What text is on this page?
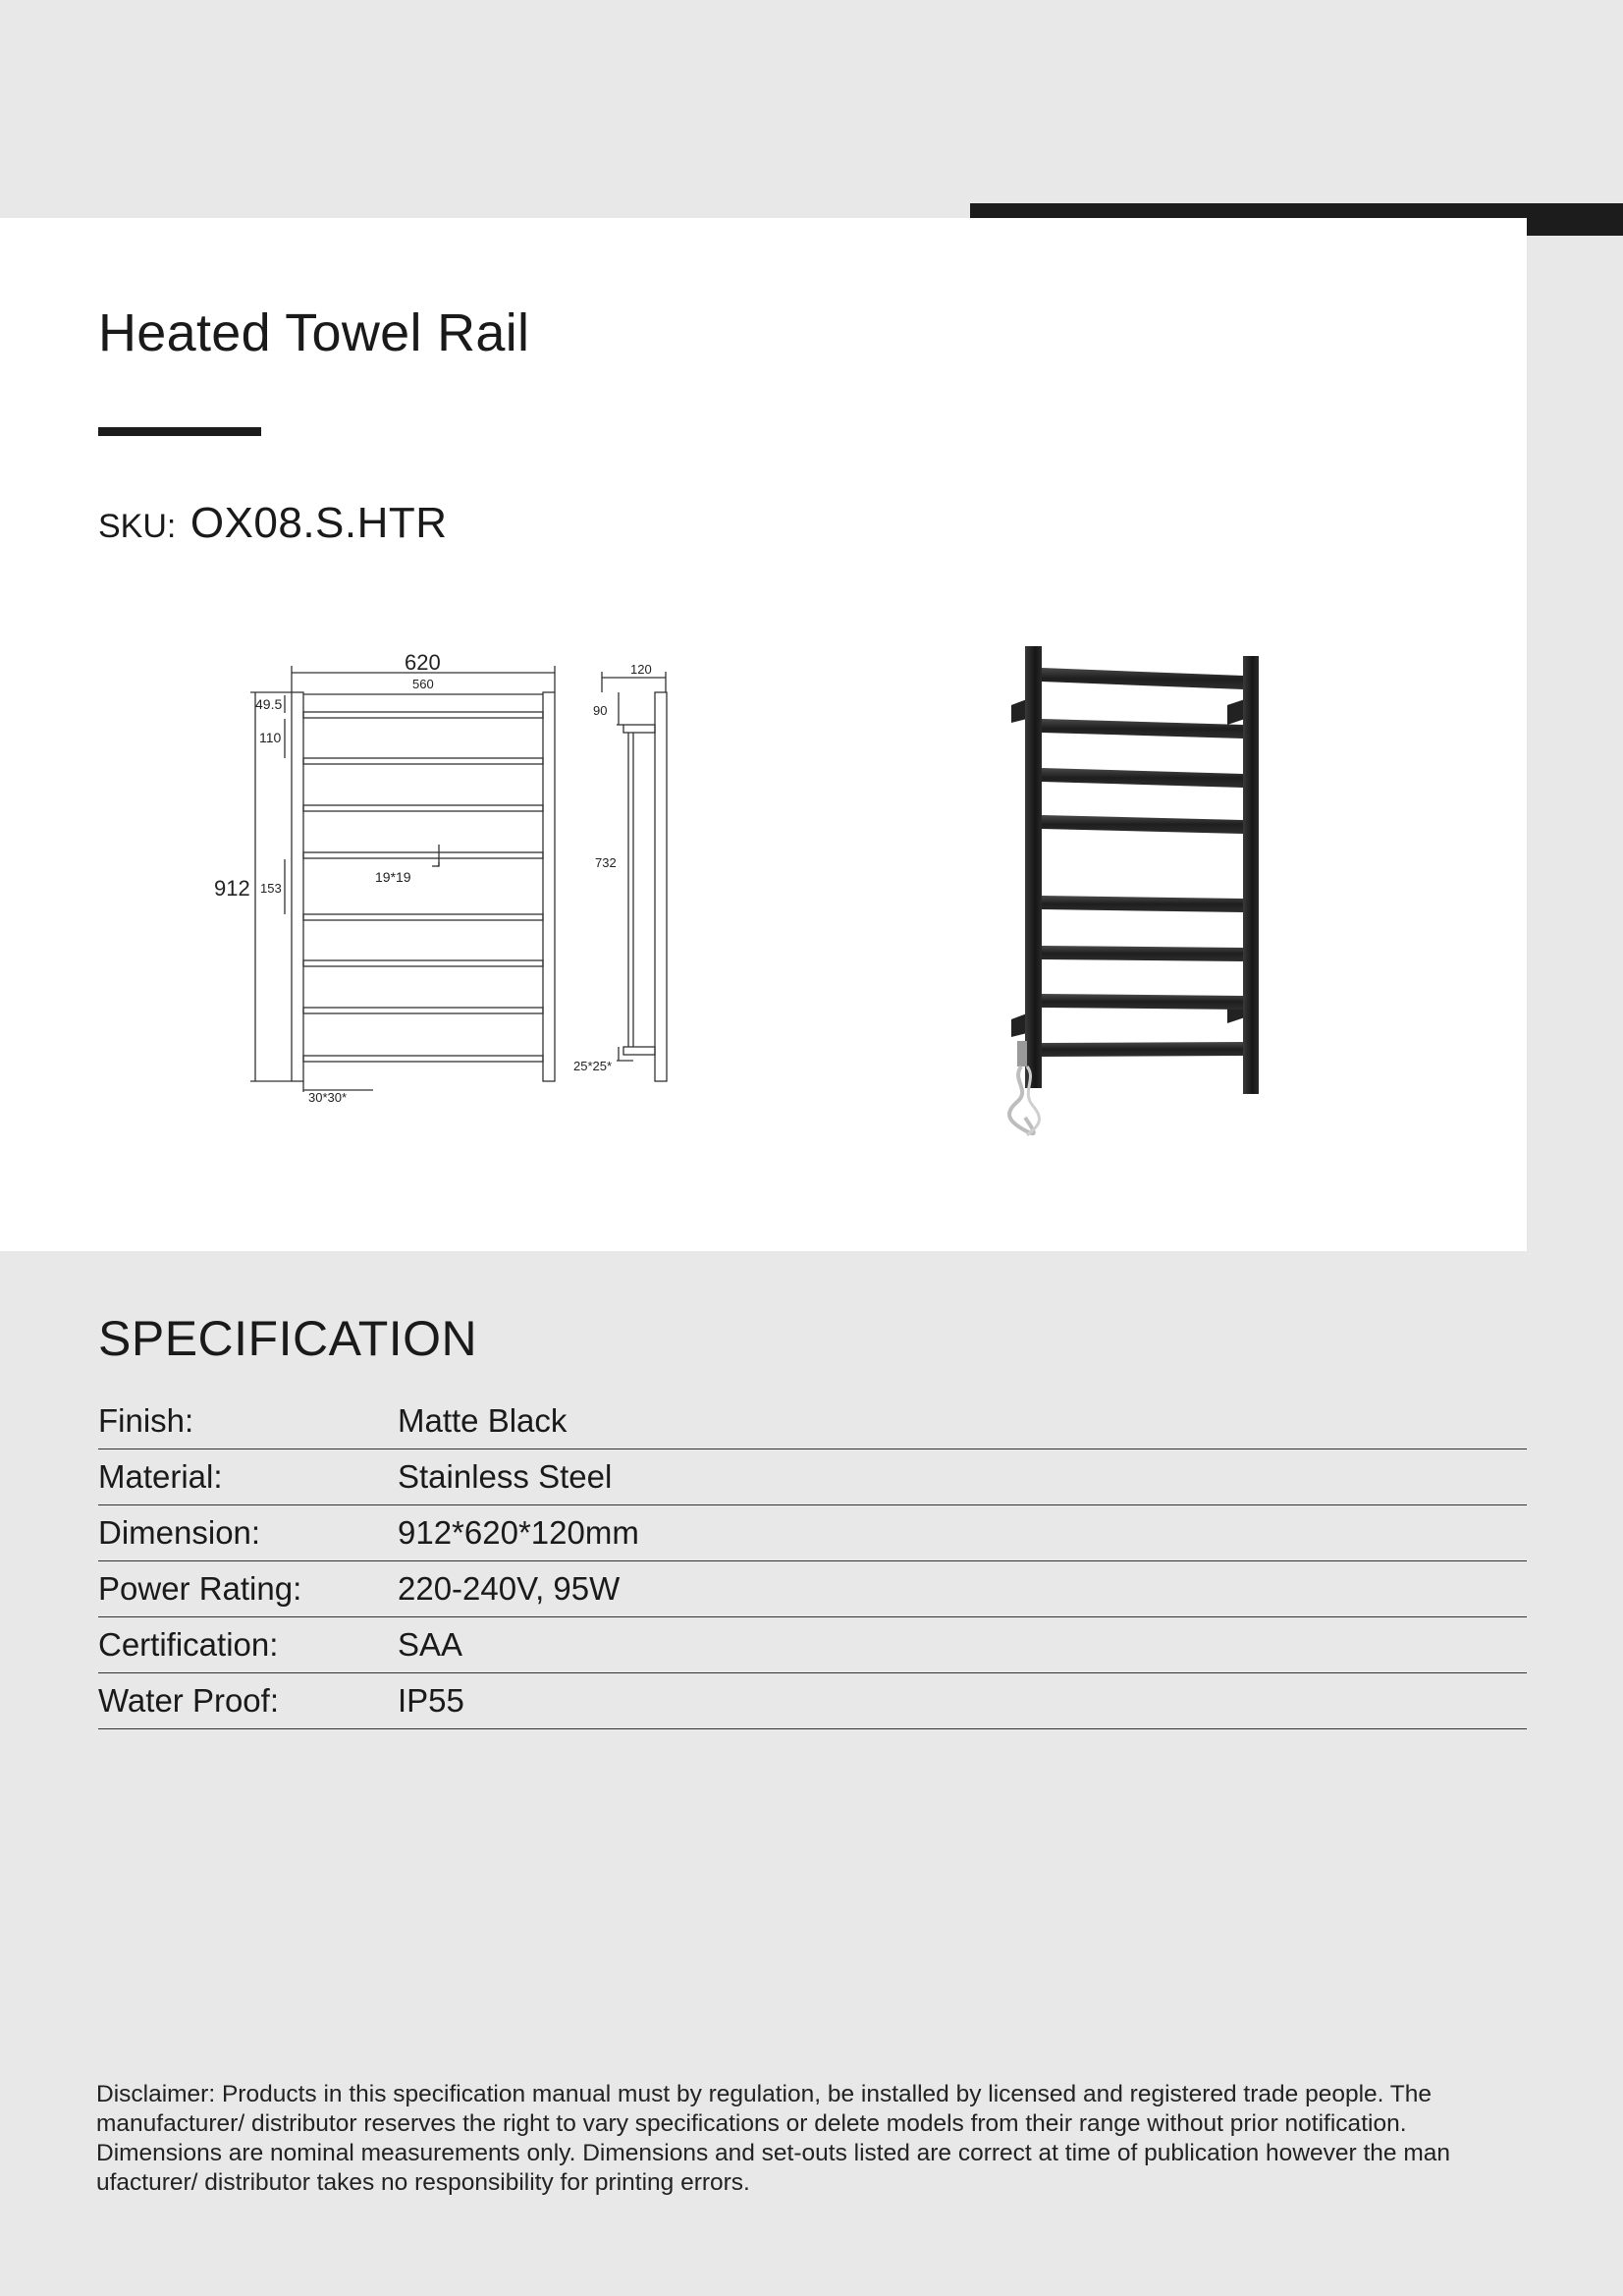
Heated Towel Rail
SKU: OX08.S.HTR
620
560
120
49.5
110
912 153
19*19
90
732
25*25*
30*30*
SPECIFICATION
Finish:	Matte Black
Material:	Stainless Steel
Dimension:	912*620*120mm
Power Rating:	220-240V, 95W
Certification:	SAA
Water Proof:	IP55

Disclaimer: Products in this specification manual must by regulation, be installed by licensed and registered trade people. The
manufacturer/ distributor reserves the right to vary specifications or delete models from their range without prior notification.
Dimensions are nominal measurements only. Dimensions and set-outs listed are correct at time of publication however the man
ufacturer/ distributor takes no responsibility for printing errors.
